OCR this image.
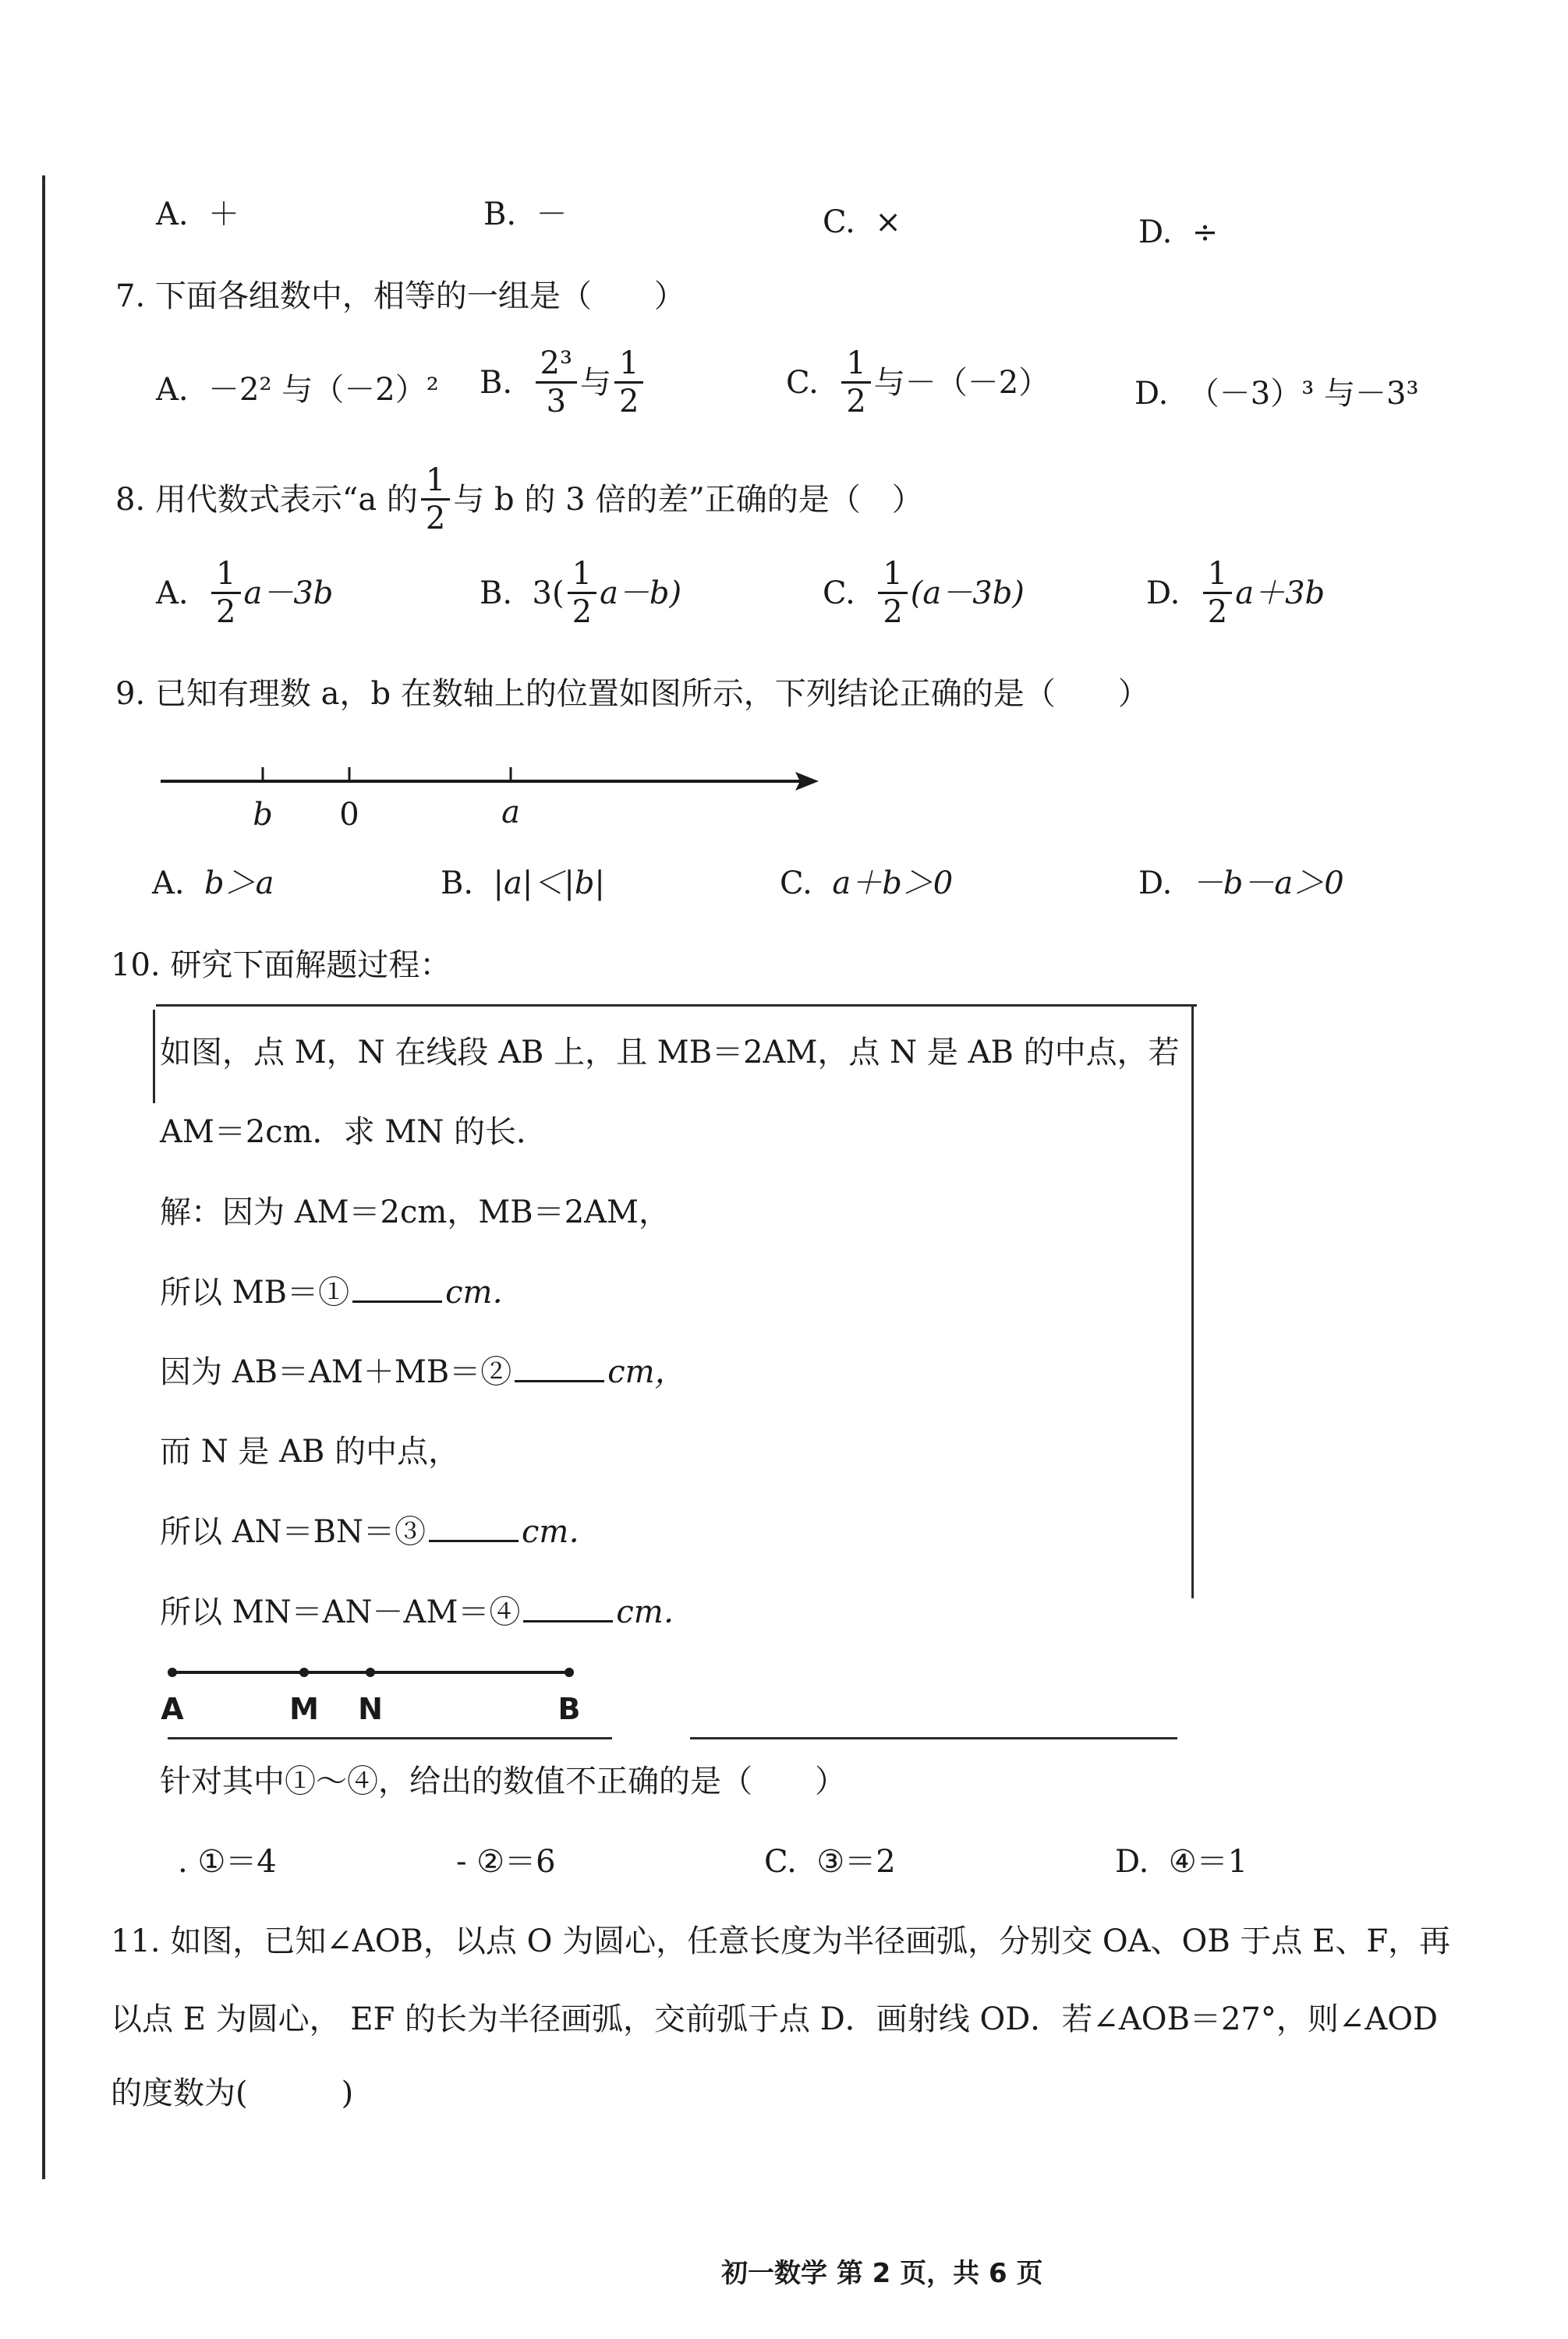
A. ＋	B. －	C. ×	D. ÷
7. 下面各组数中，相等的一组是（　　）
A. －2² 与（－2）² B.
$\frac{\text{2³}}{3}$ 与 $\frac{1}{2}$	C.
$\frac{1}{2}$ 与－（－2）	D. （－3）³ 与－3³
8. 用代数式表示“a 的 $\frac{1}{2}$ 与 b 的 3 倍的差”正确的是（　）
A.
$\frac{1}{2} a-3b$	B.
$3( \frac{1}{2} a-b)$	C.
$\frac{1}{2} (a-3b)$	D.
$\frac{1}{2} a+3b$
9. 已知有理数 a，b 在数轴上的位置如图所示，下列结论正确的是（　　）
b 0	a
A. b＞a	B. |a|＜|b|	C. a＋b＞0	D. －b－a＞0
10. 研究下面解题过程：
如图，点 M，N 在线段 AB 上，且 MB＝2AM，点 N 是 AB 的中点，若
AM＝2cm．求 MN 的长．
解：因为 AM＝2cm，MB＝2AM，
所以 MB＝①	cm．
因为 AB＝AM＋MB＝②	cm，
而 N 是 AB 的中点，
所以 AN＝BN＝③	cm．
所以 MN＝AN－AM＝④	cm．
A	M N	B
针对其中①～④，给出的数值不正确的是（　　）
. ①＝4	- ②＝6	C. ③＝2	D. ④＝1
11. 如图，已知∠AOB，以点 O 为圆心，任意长度为半径画弧，分别交 OA、OB 于点 E、F，再
以点 E 为圆心， EF 的长为半径画弧，交前弧于点 D．画射线 OD．若∠AOB＝27°，则∠AOD
的度数为(　　　)
初一数学 第 2 页，共 6 页
